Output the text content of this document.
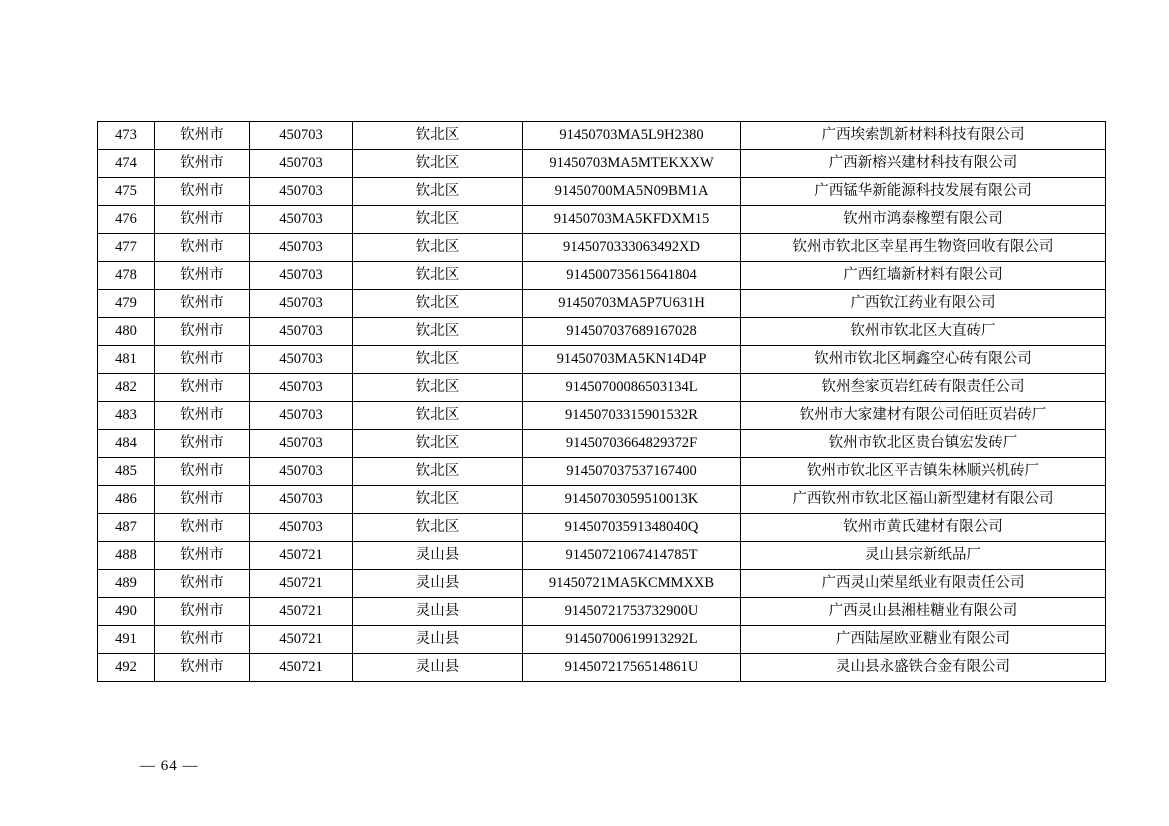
473	钦州市	450703	钦北区	91450703MA5L9H2380	广西埃索凯新材料科技有限公司
474	钦州市	450703	钦北区	91450703MA5MTEKXXW	广西新榕兴建材科技有限公司
475	钦州市	450703	钦北区	91450700MA5N09BM1A	广西锰华新能源科技发展有限公司
476	钦州市	450703	钦北区	91450703MA5KFDXM15	钦州市鸿泰橡塑有限公司
477	钦州市	450703	钦北区	9145070333063492XD	钦州市钦北区幸星再生物资回收有限公司
478	钦州市	450703	钦北区	914500735615641804	广西红墙新材料有限公司
479	钦州市	450703	钦北区	91450703MA5P7U631H	广西钦江药业有限公司
480	钦州市	450703	钦北区	914507037689167028	钦州市钦北区大直砖厂
481	钦州市	450703	钦北区	91450703MA5KN14D4P	钦州市钦北区垌鑫空心砖有限公司
482	钦州市	450703	钦北区	91450700086503134L	钦州叁家页岩红砖有限责任公司
483	钦州市	450703	钦北区	91450703315901532R	钦州市大家建材有限公司佰旺页岩砖厂
484	钦州市	450703	钦北区	91450703664829372F	钦州市钦北区贵台镇宏发砖厂
485	钦州市	450703	钦北区	914507037537167400	钦州市钦北区平吉镇朱林顺兴机砖厂
486	钦州市	450703	钦北区	91450703059510013K	广西钦州市钦北区福山新型建材有限公司
487	钦州市	450703	钦北区	91450703591348040Q	钦州市黄氏建材有限公司
488	钦州市	450721	灵山县	91450721067414785T	灵山县宗新纸品厂
489	钦州市	450721	灵山县	91450721MA5KCMMXXB	广西灵山荣星纸业有限责任公司
490	钦州市	450721	灵山县	91450721753732900U	广西灵山县湘桂糖业有限公司
491	钦州市	450721	灵山县	91450700619913292L	广西陆屋欧亚糖业有限公司
492	钦州市	450721	灵山县	91450721756514861U	灵山县永盛铁合金有限公司
— 64 —
